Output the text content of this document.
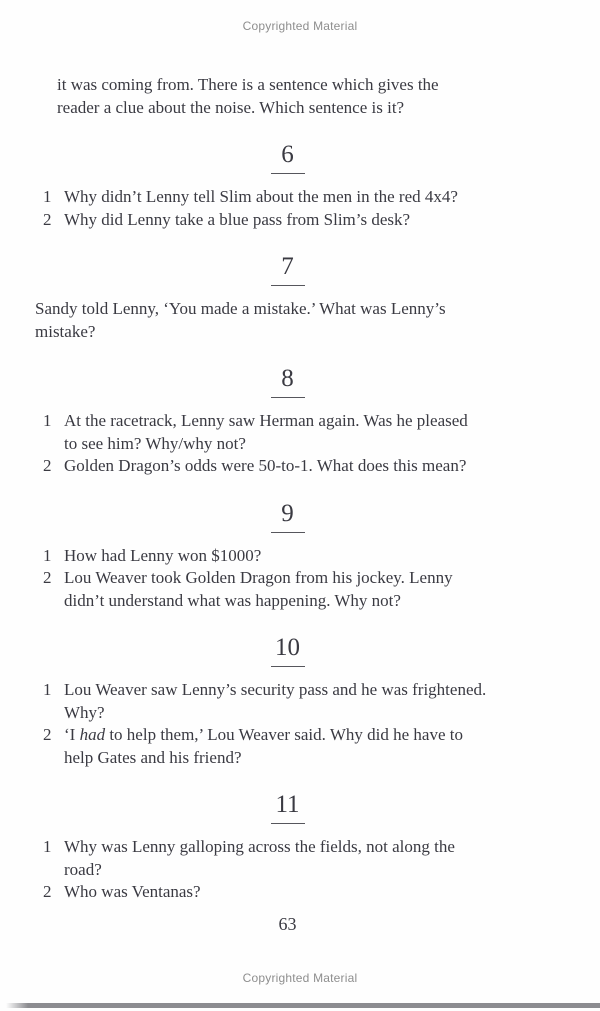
Copyrighted Material

it was coming from. There is a sentence which gives the
reader a clue about the noise. Which sentence is it?

6
1 Why didn’t Lenny tell Slim about the men in the red 4x4?
2 Why did Lenny take a blue pass from Slim’s desk?
7

Sandy told Lenny, ‘You made a mistake.’ What was Lenny’s
mistake?

8
1 At the racetrack, Lenny saw Herman again. Was he pleased
to see him? Why/why not?
2 Golden Dragon’s odds were 50-to-1. What does this mean?
9
1 How had Lenny won $1000?
2 Lou Weaver took Golden Dragon from his jockey. Lenny
didn’t understand what was happening. Why not?
10
1 Lou Weaver saw Lenny’s security pass and he was frightened.
Why?
2 ‘I had to help them,’ Lou Weaver said. Why did he have to
help Gates and his friend?
11
1 Why was Lenny galloping across the fields, not along the
road?
2 Who was Ventanas?
63
Copyrighted Material
